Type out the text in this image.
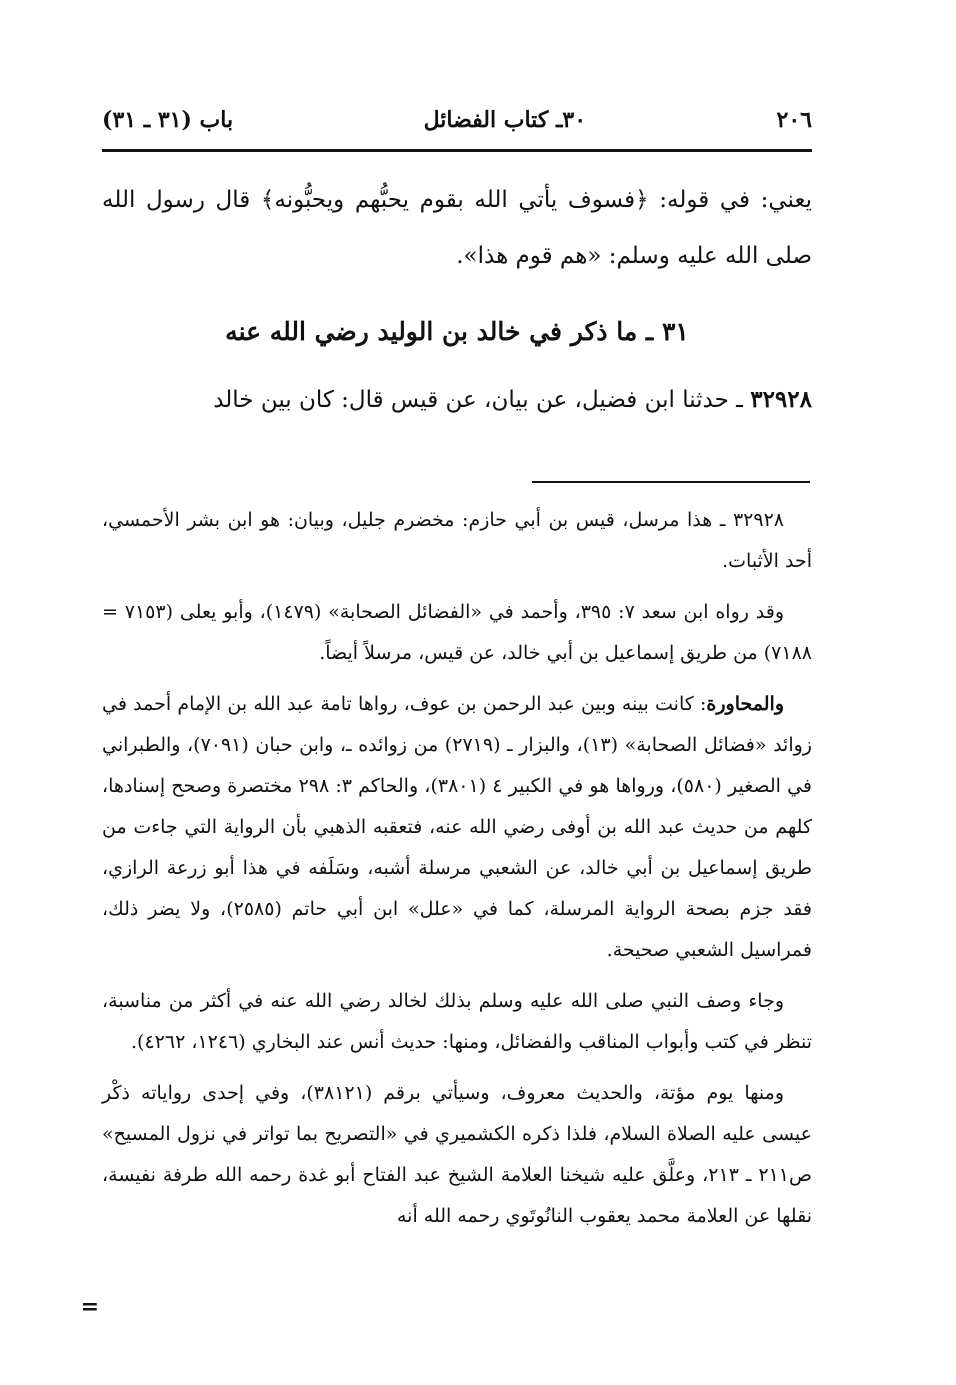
٢٠٦
٣٠ـ كتاب الفضائل
باب (٣١ ـ ٣١)

يعني: في قوله: ﴿فسوف يأتي الله بقوم يحبُّهم ويحبُّونه﴾ قال رسول الله صلى الله عليه وسلم: «هم قوم هذا».

٣١ ـ ما ذكر في خالد بن الوليد رضي الله عنه

٣٢٩٢٨ ـ حدثنا ابن فضيل، عن بيان، عن قيس قال: كان بين خالد

٣٢٩٢٨ ـ هذا مرسل، قيس بن أبي حازم: مخضرم جليل، وبيان: هو ابن بشر الأحمسي، أحد الأثبات.

وقد رواه ابن سعد ٧: ٣٩٥، وأحمد في «الفضائل الصحابة» (١٤٧٩)، وأبو يعلى (٧١٥٣ = ٧١٨٨) من طريق إسماعيل بن أبي خالد، عن قيس، مرسلاً أيضاً.

والمحاورة: كانت بينه وبين عبد الرحمن بن عوف، رواها تامة عبد الله بن الإمام أحمد في زوائد «فضائل الصحابة» (١٣)، والبزار ـ (٢٧١٩) من زوائده ـ، وابن حبان (٧٠٩١)، والطبراني في الصغير (٥٨٠)، ورواها هو في الكبير ٤ (٣٨٠١)، والحاكم ٣: ٢٩٨ مختصرة وصحح إسنادها، كلهم من حديث عبد الله بن أوفى رضي الله عنه، فتعقبه الذهبي بأن الرواية التي جاءت من طريق إسماعيل بن أبي خالد، عن الشعبي مرسلة أشبه، وسَلَفه في هذا أبو زرعة الرازي، فقد جزم بصحة الرواية المرسلة، كما في «علل» ابن أبي حاتم (٢٥٨٥)، ولا يضر ذلك، فمراسيل الشعبي صحيحة.

وجاء وصف النبي صلى الله عليه وسلم بذلك لخالد رضي الله عنه في أكثر من مناسبة، تنظر في كتب وأبواب المناقب والفضائل، ومنها: حديث أنس عند البخاري (١٢٤٦، ٤٢٦٢).

ومنها يوم مؤتة، والحديث معروف، وسيأتي برقم (٣٨١٢١)، وفي إحدى رواياته ذكْر عيسى عليه الصلاة السلام، فلذا ذكره الكشميري في «التصريح بما تواتر في نزول المسيح» ص٢١١ ـ ٢١٣، وعلَّق عليه شيخنا العلامة الشيخ عبد الفتاح أبو غدة رحمه الله طرفة نفيسة، نقلها عن العلامة محمد يعقوب النانُوتَوي رحمه الله أنه

=
